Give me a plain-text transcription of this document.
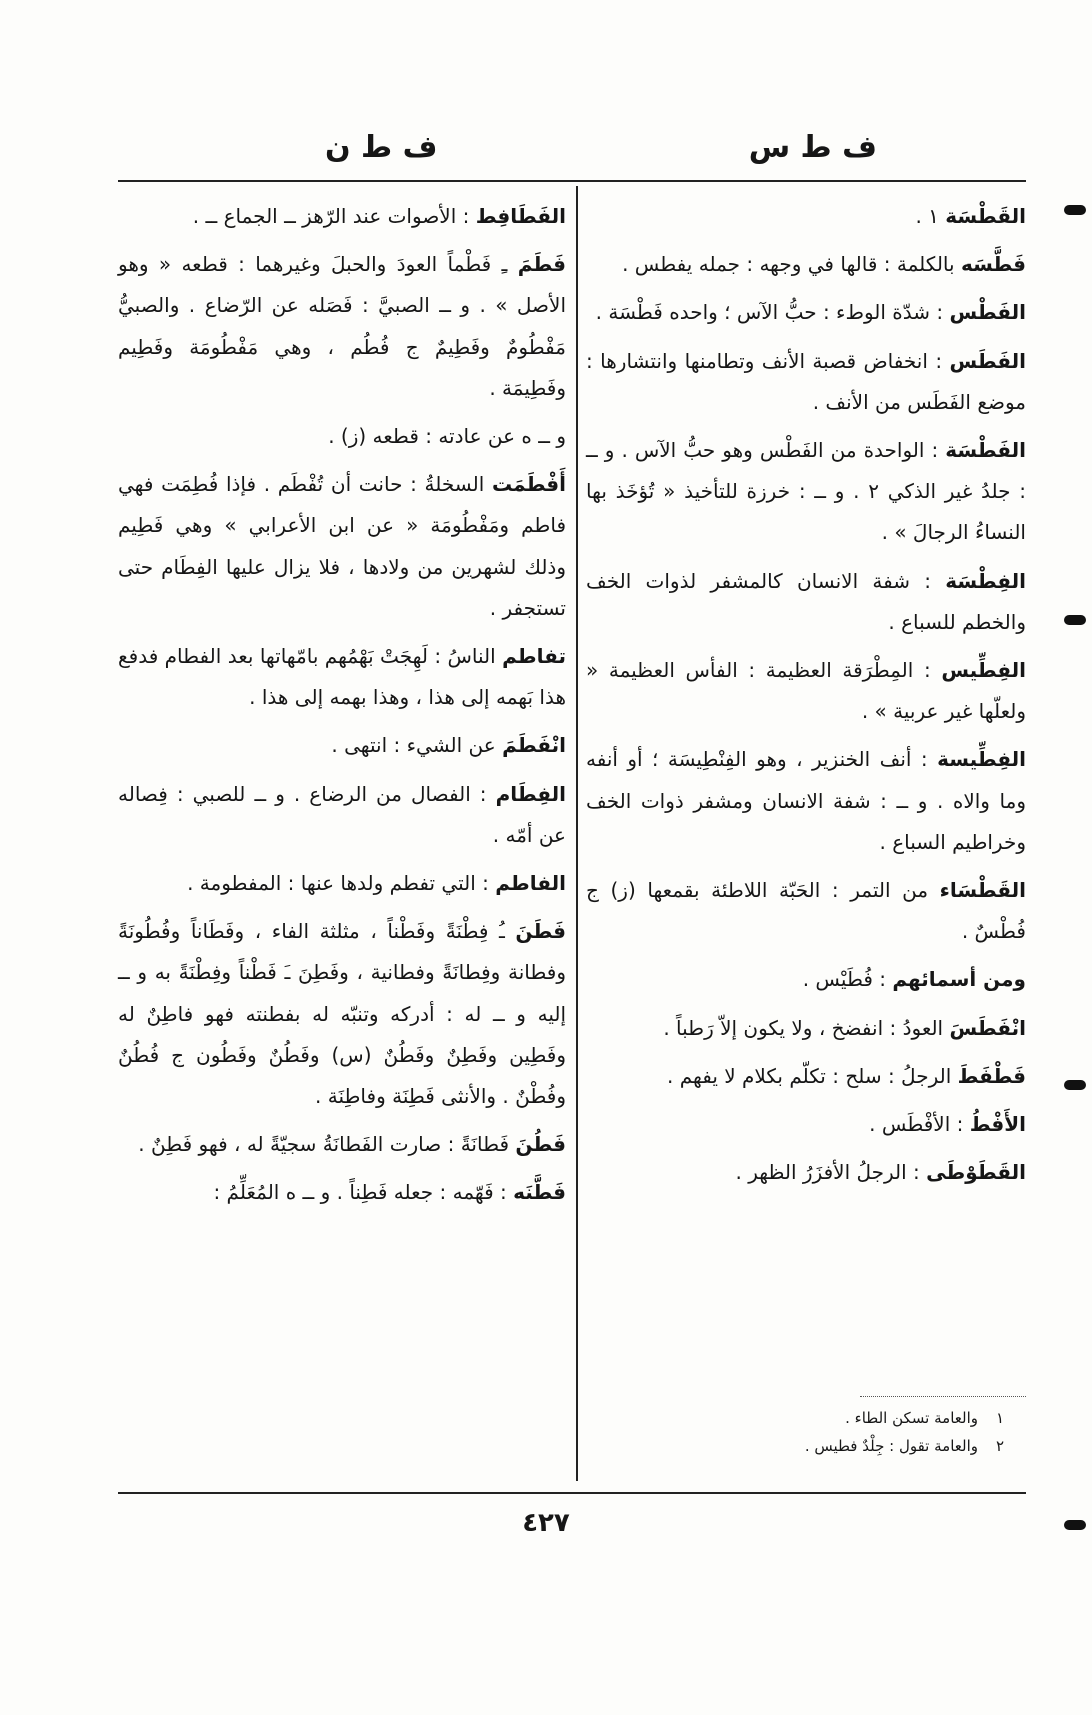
ف ط س
ف ط ن

القَطْسَة ١ .

فَطَّسَه بالكلمة : قالها في وجهه : جمله يفطس .

الفَطْس : شدّة الوطء : حبُّ الآس ؛ واحده فَطْسَة .

الفَطَس : انخفاض قصبة الأنف وتطامنها وانتشارها : موضع الفَطَس من الأنف .

الفَطْسَة : الواحدة من الفَطْس وهو حبُّ الآس . و ــ : جلدُ غير الذكي ٢ . و ــ : خرزة للتأخيذ « تُؤخَذ بها النساءُ الرجالَ » .

الفِطْسَة : شفة الانسان كالمشفر لذوات الخف والخطم للسباع .

الفِطِّيس : المِطْرَقة العظيمة : الفأس العظيمة « ولعلّها غير عربية » .

الفِطِّيسة : أنف الخنزير ، وهو الفِنْطِيسَة ؛ أو أنفه وما والاه . و ــ : شفة الانسان ومشفر ذوات الخف وخراطيم السباع .

القَطْسَاء من التمر : الحَبّة اللاطئة بقمعها (ز) ج فُطْسٌ .

ومن أسمائهم : فُطَيْس .

انْفَطَسَ العودُ : انفضخ ، ولا يكون إلاّ رَطباً .

فَطْفَطَ الرجلُ : سلح : تكلّم بكلام لا يفهم .

الأَفْطُ : الأفْطَس .

القَطَوْطَى : الرجلُ الأفزَرُ الظهر .

١والعامة تسكن الطاء .

٢والعامة تقول : جِلْدٌ فطيس .

الفَطَافِط : الأصوات عند الرّهز ــ الجماع ــ .

فَطَمَ ـِ فَطْماً العودَ والحبلَ وغيرهما : قطعه « وهو الأصل » . و ــ الصبيَّ : فَصَله عن الرّضاع . والصبيُّ مَفْطُومٌ وفَطِيمٌ ج فُطُم ، وهي مَفْطُومَة وفَطِيم وفَطِيمَة .

و ــ ه عن عادته : قطعه (ز) .

أَفْطَمَت السخلةُ : حانت أن تُفْطَم . فإذا فُطِمَت فهي فاطم ومَفْطُومَة « عن ابن الأعرابي » وهي فَطِيم وذلك لشهرين من ولادها ، فلا يزال عليها الفِطَام حتى تستجفر .

تفاطم الناسُ : لَهِجَتْ بَهْمُهم بامّهاتها بعد الفطام فدفع هذا بَهمه إلى هذا ، وهذا بهمه إلى هذا .

انْفَطَمَ عن الشيء : انتهى .

الفِطَام : الفصال من الرضاع . و ــ للصبي : فِصاله عن أمّه .

الفاطم : التي تفطم ولدها عنها : المفطومة .

فَطَنَ ـُ فِطْنَةً وفَطْناً ، مثلثة الفاء ، وفَطَاناً وفُطُونَةً وفطانة وفِطانَةً وفطانية ، وفَطِنَ ـَ فَطْناً وفِطْنَةً به و ــ إليه و ــ له : أدركه وتنبّه له بفطنته فهو فاطِنٌ له وفَطِين وفَطِنٌ وفَطُنٌ (س) وفَطُنٌ وفَطُون ج فُطُنٌ وفُطْنٌ . والأنثى فَطِنَة وفاطِنَة .

فَطُنَ فَطانَةً : صارت الفَطانَةُ سجيّةً له ، فهو فَطِنٌ .

فَطَّنَه : فَهّمه : جعله فَطِناً . و ــ ه المُعَلِّمُ :

٤٢٧
